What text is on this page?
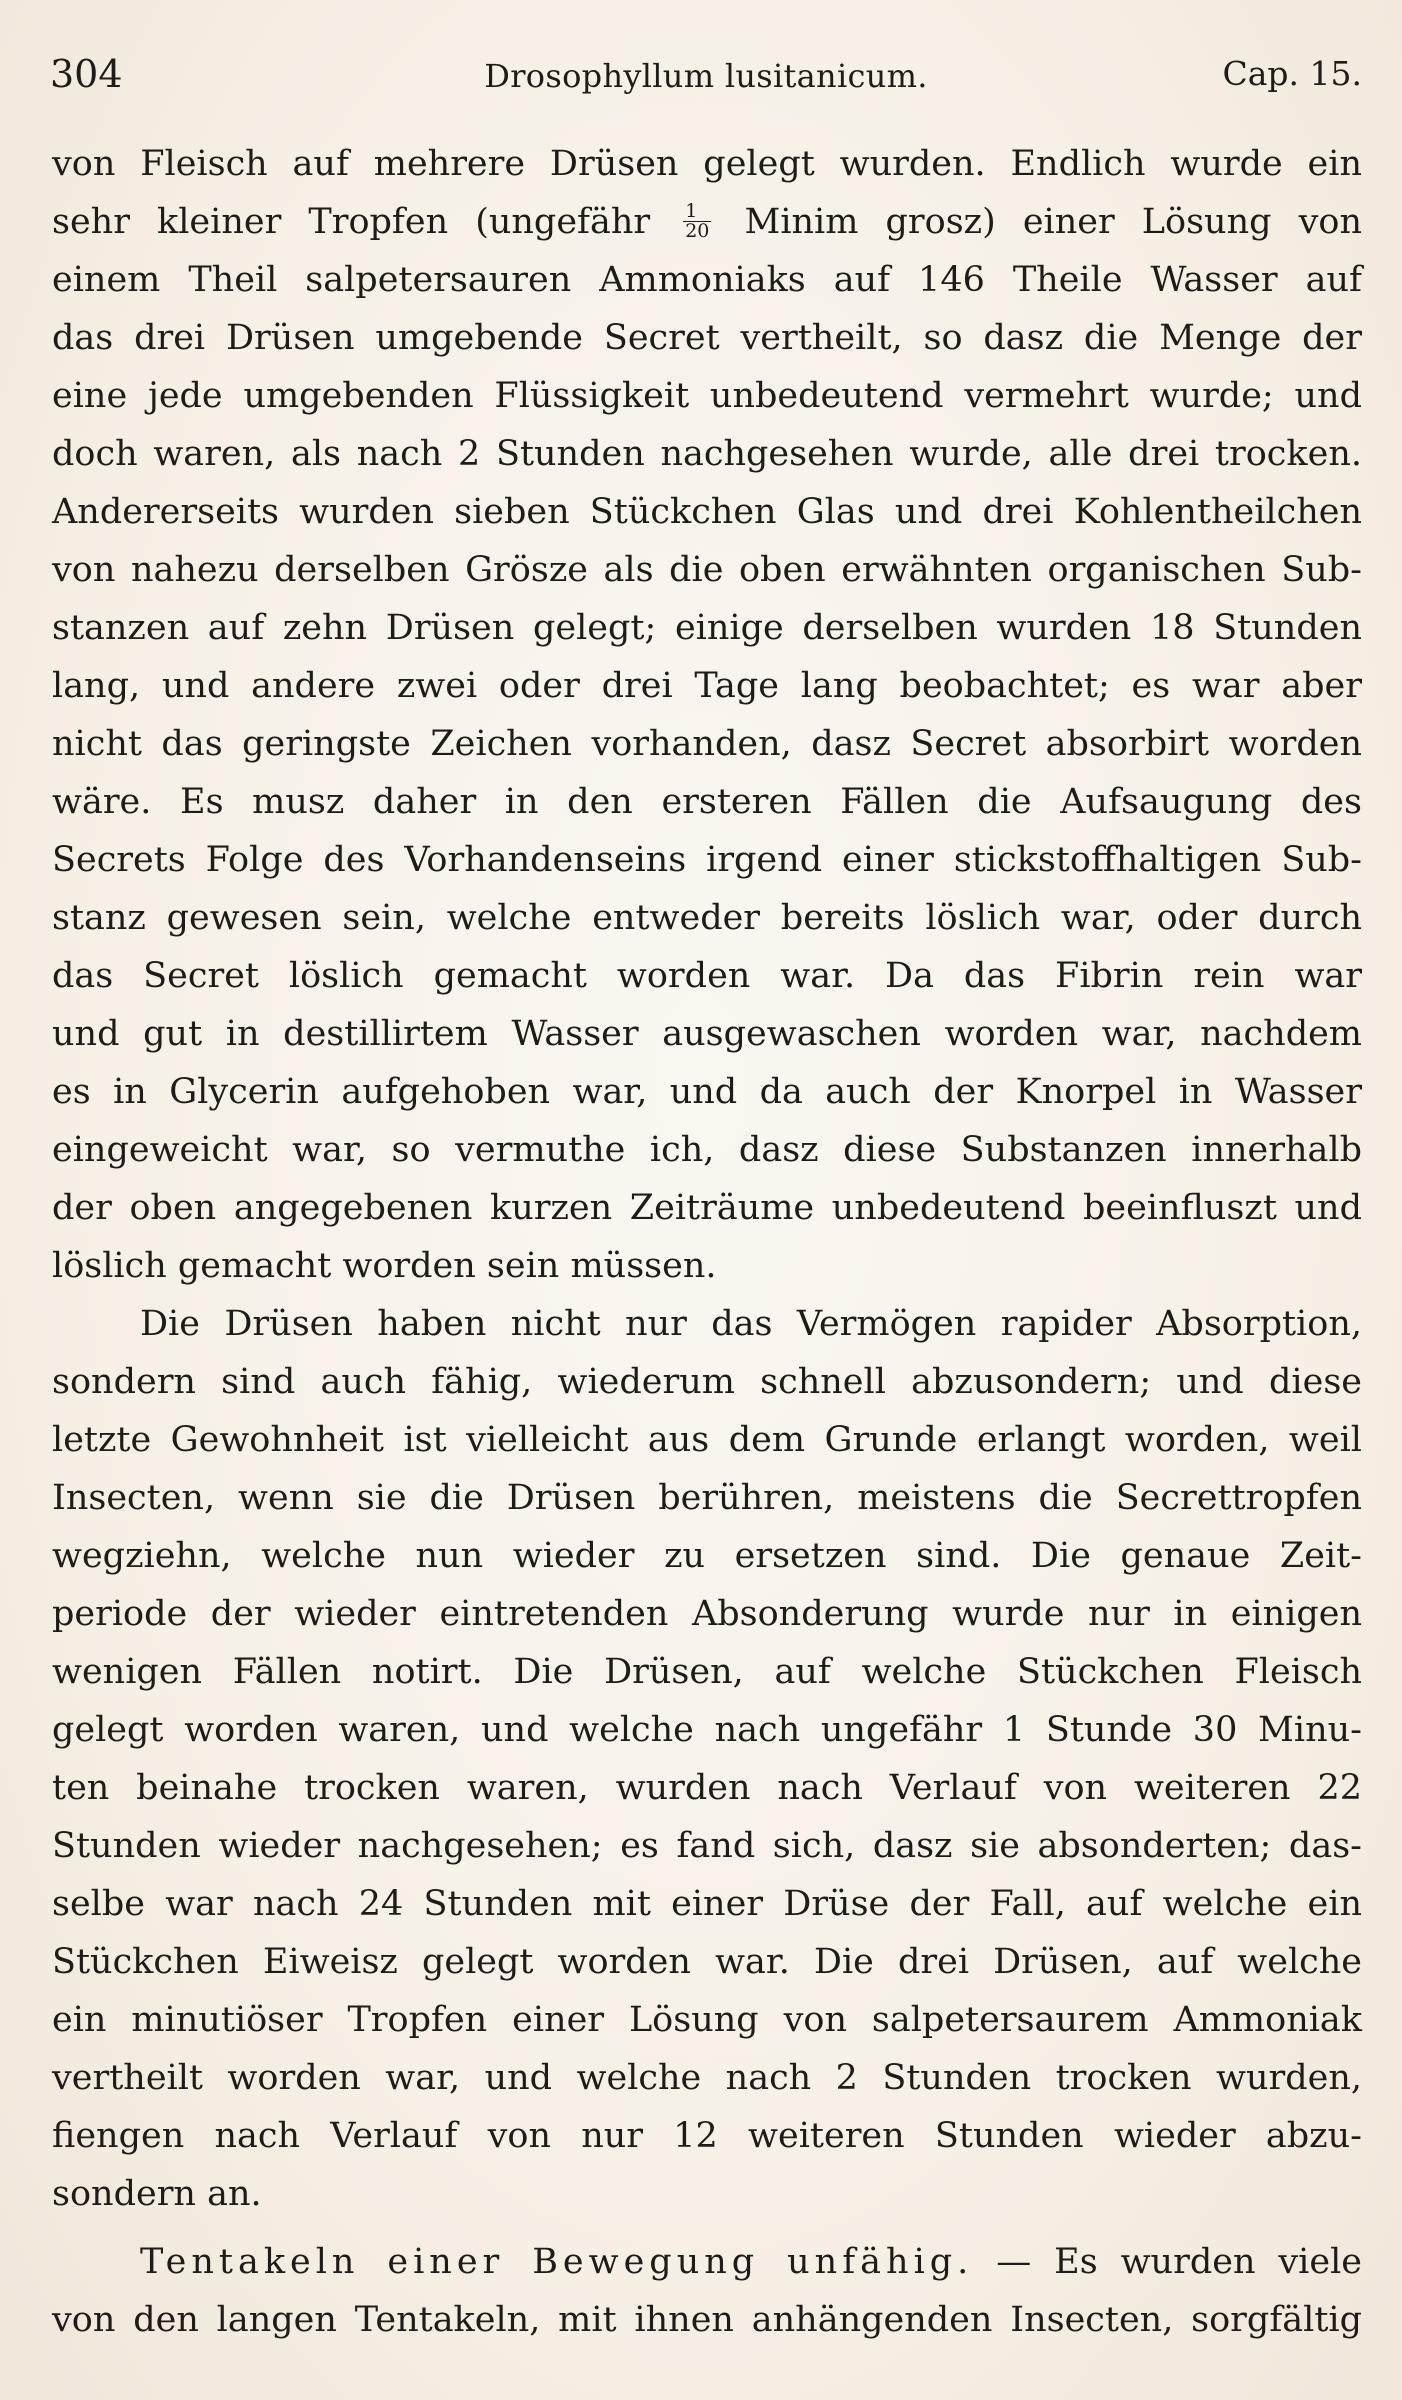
304	Drosophyllum lusitanicum.	Cap. 15.
von Fleisch auf mehrere Drüsen gelegt wurden. Endlich wurde ein
sehr kleiner Tropfen (ungefähr $\frac{1}{20}$ Minim grosz) einer Lösung von
einem Theil salpetersauren Ammoniaks auf 146 Theile Wasser auf
das drei Drüsen umgebende Secret vertheilt, so dasz die Menge der
eine jede umgebenden Flüssigkeit unbedeutend vermehrt wurde; und
doch waren, als nach 2 Stunden nachgesehen wurde, alle drei trocken.
Andererseits wurden sieben Stückchen Glas und drei Kohlentheilchen
von nahezu derselben Grösze als die oben erwähnten organischen Sub-
stanzen auf zehn Drüsen gelegt; einige derselben wurden 18 Stunden
lang, und andere zwei oder drei Tage lang beobachtet; es war aber
nicht das geringste Zeichen vorhanden, dasz Secret absorbirt worden
wäre. Es musz daher in den ersteren Fällen die Aufsaugung des
Secrets Folge des Vorhandenseins irgend einer stickstoffhaltigen Sub-
stanz gewesen sein, welche entweder bereits löslich war, oder durch
das Secret löslich gemacht worden war. Da das Fibrin rein war
und gut in destillirtem Wasser ausgewaschen worden war, nachdem
es in Glycerin aufgehoben war, und da auch der Knorpel in Wasser
eingeweicht war, so vermuthe ich, dasz diese Substanzen innerhalb
der oben angegebenen kurzen Zeiträume unbedeutend beeinfluszt und
löslich gemacht worden sein müssen.
Die Drüsen haben nicht nur das Vermögen rapider Absorption,
sondern sind auch fähig, wiederum schnell abzusondern; und diese
letzte Gewohnheit ist vielleicht aus dem Grunde erlangt worden, weil
Insecten, wenn sie die Drüsen berühren, meistens die Secrettropfen
wegziehn, welche nun wieder zu ersetzen sind. Die genaue Zeit-
periode der wieder eintretenden Absonderung wurde nur in einigen
wenigen Fällen notirt. Die Drüsen, auf welche Stückchen Fleisch
gelegt worden waren, und welche nach ungefähr 1 Stunde 30 Minu-
ten beinahe trocken waren, wurden nach Verlauf von weiteren 22
Stunden wieder nachgesehen; es fand sich, dasz sie absonderten; das-
selbe war nach 24 Stunden mit einer Drüse der Fall, auf welche ein
Stückchen Eiweisz gelegt worden war. Die drei Drüsen, auf welche
ein minutiöser Tropfen einer Lösung von salpetersaurem Ammoniak
vertheilt worden war, und welche nach 2 Stunden trocken wurden,
fiengen nach Verlauf von nur 12 weiteren Stunden wieder abzu-
sondern an.
Tentakeln einer Bewegung unfähig. — Es wurden viele
von den langen Tentakeln, mit ihnen anhängenden Insecten, sorgfältig
